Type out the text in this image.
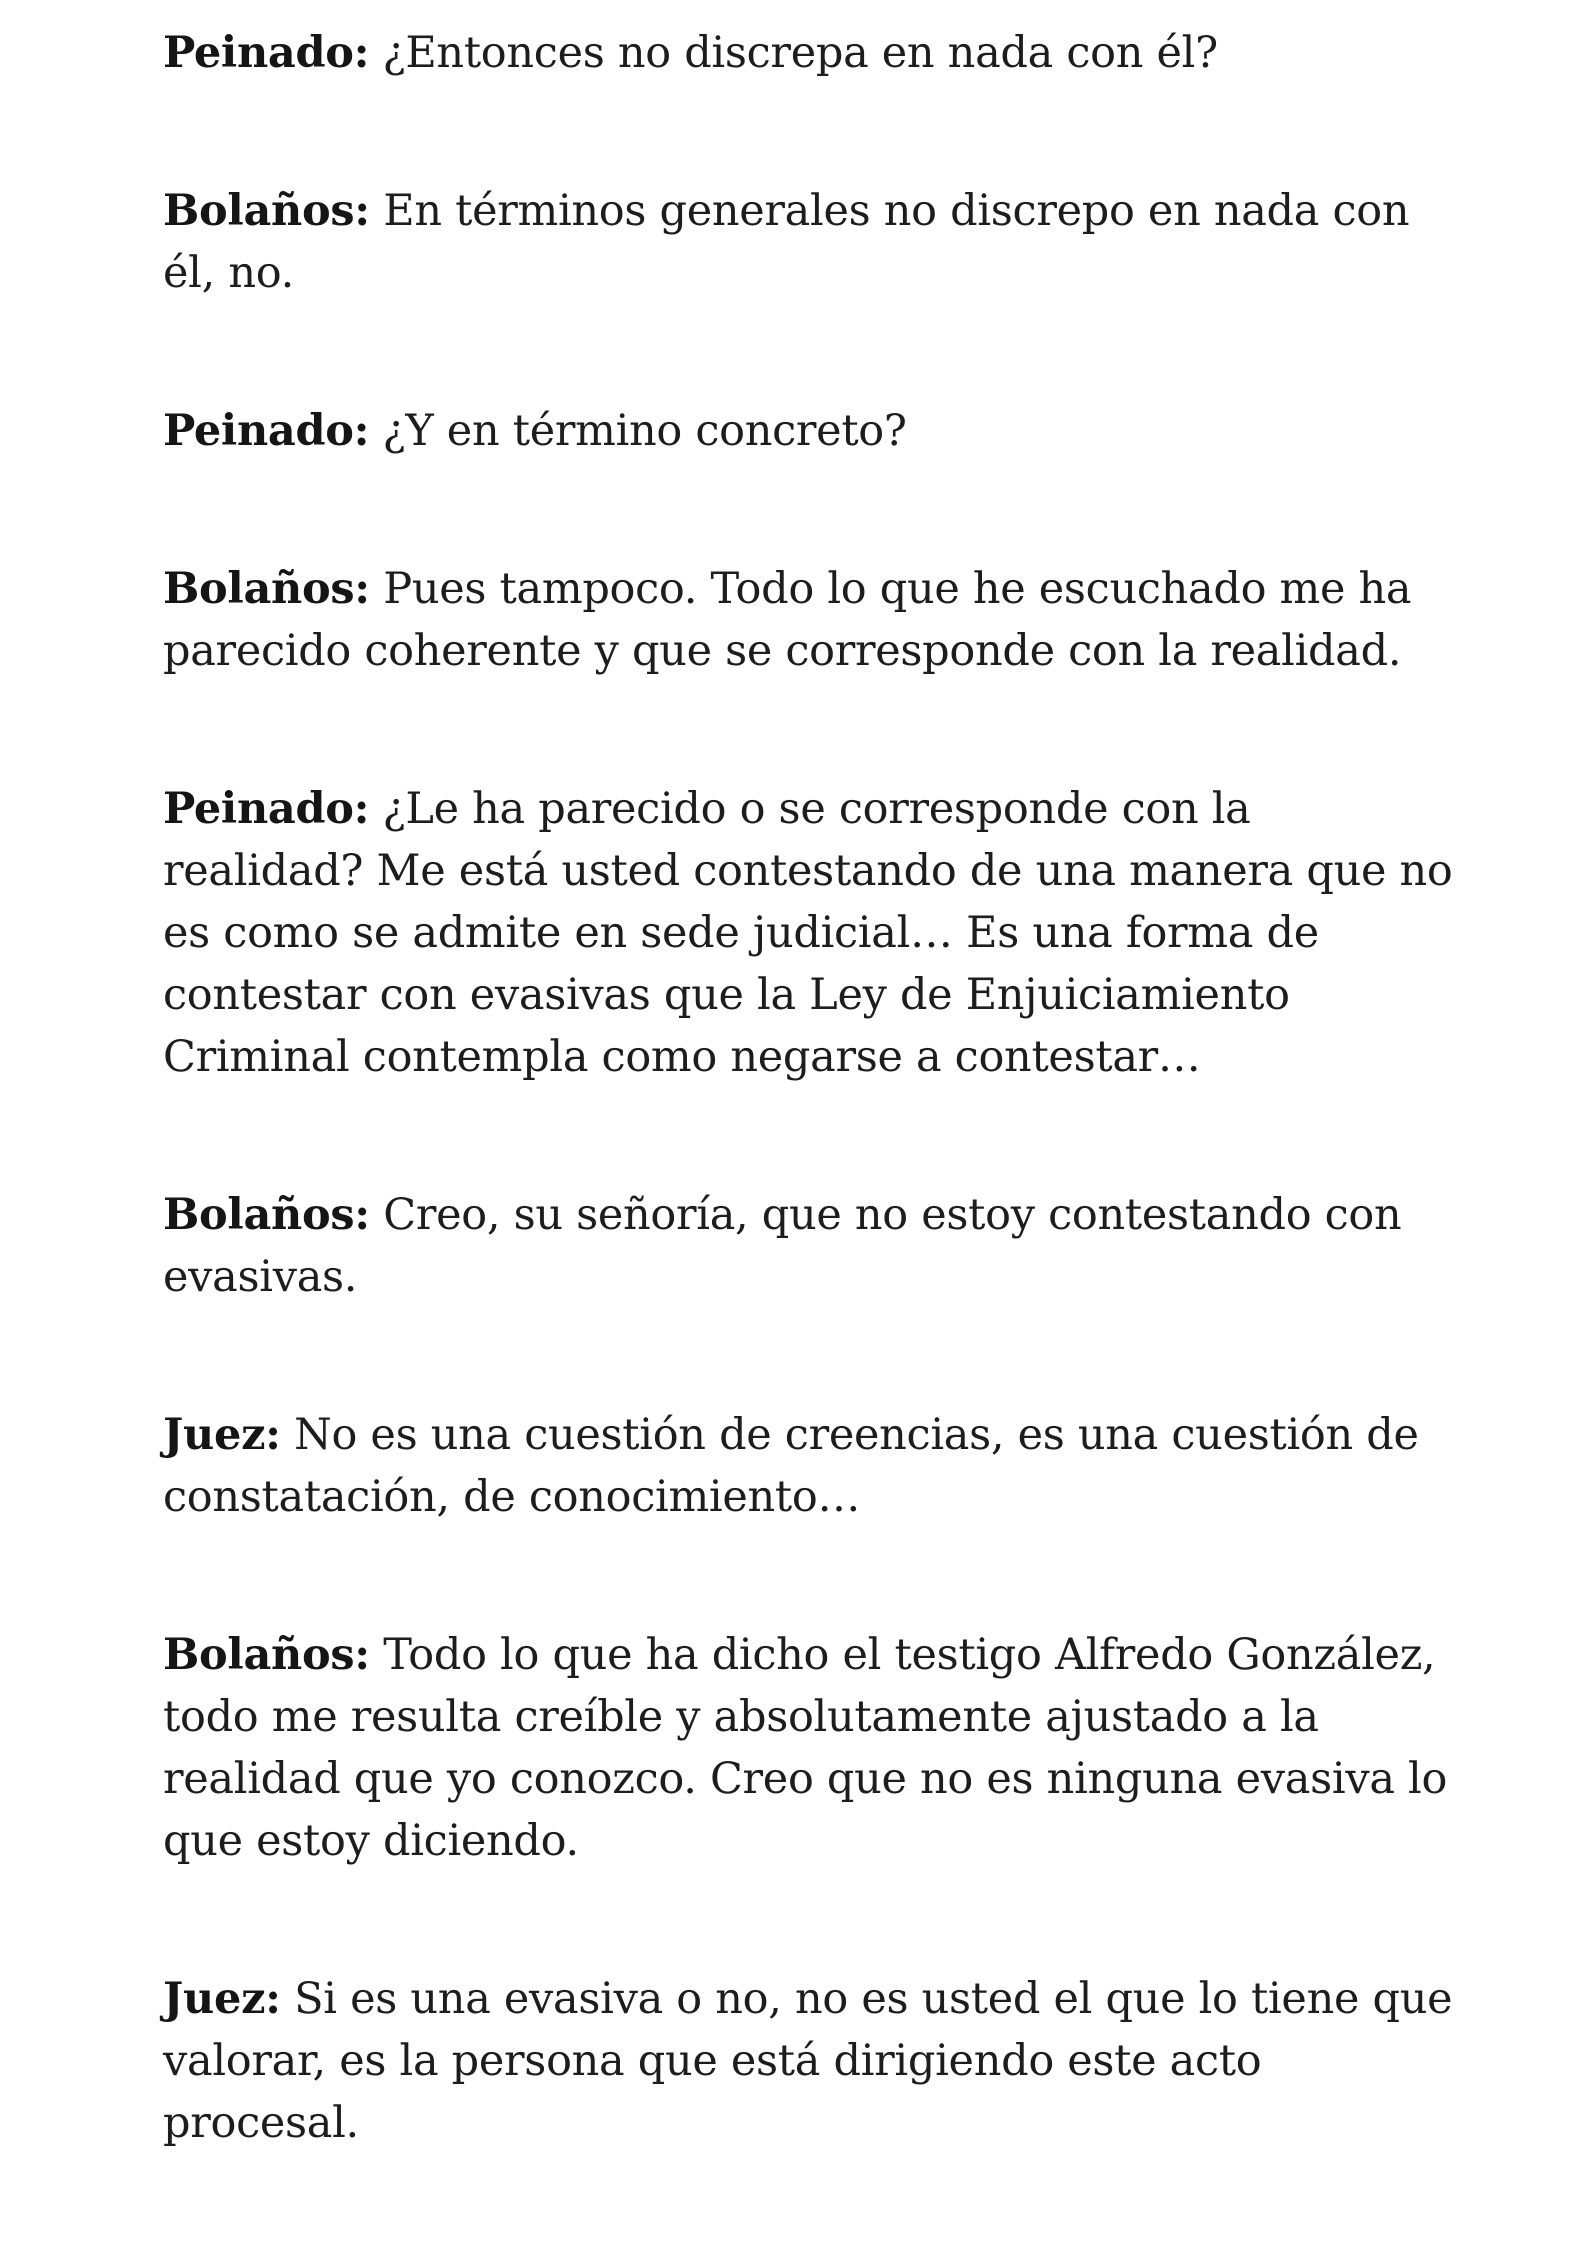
Peinado: ¿Entonces no discrepa en nada con él?

Bolaños: En términos generales no discrepo en nada con él, no.

Peinado: ¿Y en término concreto?

Bolaños: Pues tampoco. Todo lo que he escuchado me ha parecido coherente y que se corresponde con la realidad.

Peinado: ¿Le ha parecido o se corresponde con la realidad? Me está usted contestando de una manera que no es como se admite en sede judicial… Es una forma de contestar con evasivas que la Ley de Enjuiciamiento Criminal contempla como negarse a contestar…

Bolaños: Creo, su señoría, que no estoy contestando con evasivas.

Juez: No es una cuestión de creencias, es una cuestión de constatación, de conocimiento…

Bolaños: Todo lo que ha dicho el testigo Alfredo González, todo me resulta creíble y absolutamente ajustado a la realidad que yo conozco. Creo que no es ninguna evasiva lo que estoy diciendo.

Juez: Si es una evasiva o no, no es usted el que lo tiene que valorar, es la persona que está dirigiendo este acto procesal.
